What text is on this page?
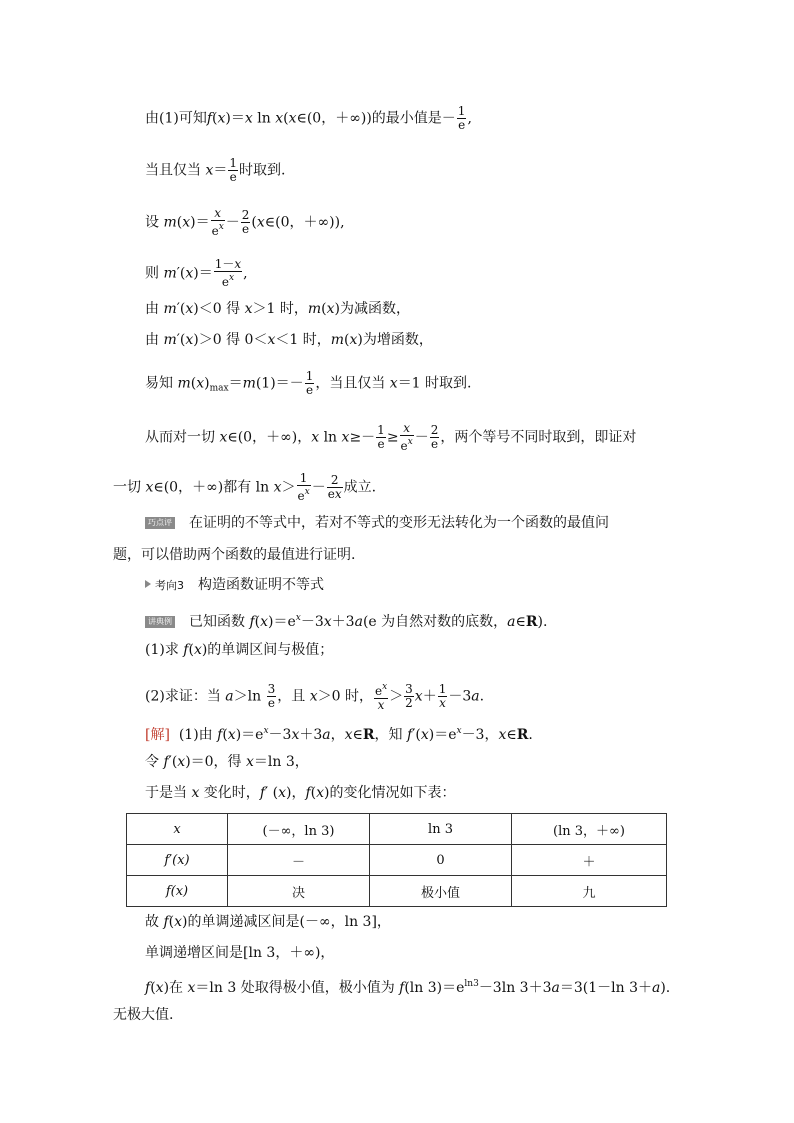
由(1)可知f(x)＝x ln x(x∈(0，＋∞))的最小值是－ $\frac{1}{e}$ ,
当且仅当 $x= \frac{1}{e}$ 时取到.
设 $m(x)= \frac{x}{e^x} - \frac{2}{e}$ (x∈(0，＋∞)),
则 $m'(x)= \frac{1-x}{e^x}$ ,
由 m′(x)＜0 得 x＞1 时，m(x)为减函数，
由 m′(x)＞0 得 0＜x＜1 时，m(x)为增函数，
易知 $m(x)_{max}=m(1)=- \frac{1}{e}$ ，当且仅当 x＝1 时取到.
从而对一切 x∈(0，＋∞)，x $\ln x\ge- \frac{1}{e} \ge \frac{x}{e^x} - \frac{2}{e}$ ，两个等号不同时取到，即证对
一切 x∈(0，＋∞)都有 $\ln x> \frac{1}{e^x} - \frac{2}{ex}$ 成立.
巧点评 在证明的不等式中，若对不等式的变形无法转化为一个函数的最值问
题，可以借助两个函数的最值进行证明.
考向3 构造函数证明不等式
讲典例 已知函数 $f(x)=e^x-3x+3a(e$ 为自然对数的底数，a∈R).
(1)求 f(x)的单调区间与极值；
(2)求证：当 $a>\ln \frac{3}{e}$ ，且 x＞0 时， $\frac{e^x}{x} > \frac{3}{2} x+ \frac{1}{x} -3a$.
[解] (1)由 $f(x)=e^x-3x+3a$，x∈R，知 $f'(x)=e^x-3$，x∈R.
令 f′(x)＝0，得 x＝ln 3，
于是当 x 变化时，f′ (x)，f(x)的变化情况如下表：
x	(－∞，ln 3)	ln 3	(ln 3，＋∞)
f′(x)	－	0	＋
f(x)	决	极小值	九
故 f(x)的单调递减区间是(－∞，ln 3]，
单调递增区间是[ln 3，＋∞)，
f(x)在 x＝ln 3 处取得极小值，极小值为 f(ln $3)=e^{ln3}-3\ln$ 3＋3a＝3(1－ln 3＋a).
无极大值.
